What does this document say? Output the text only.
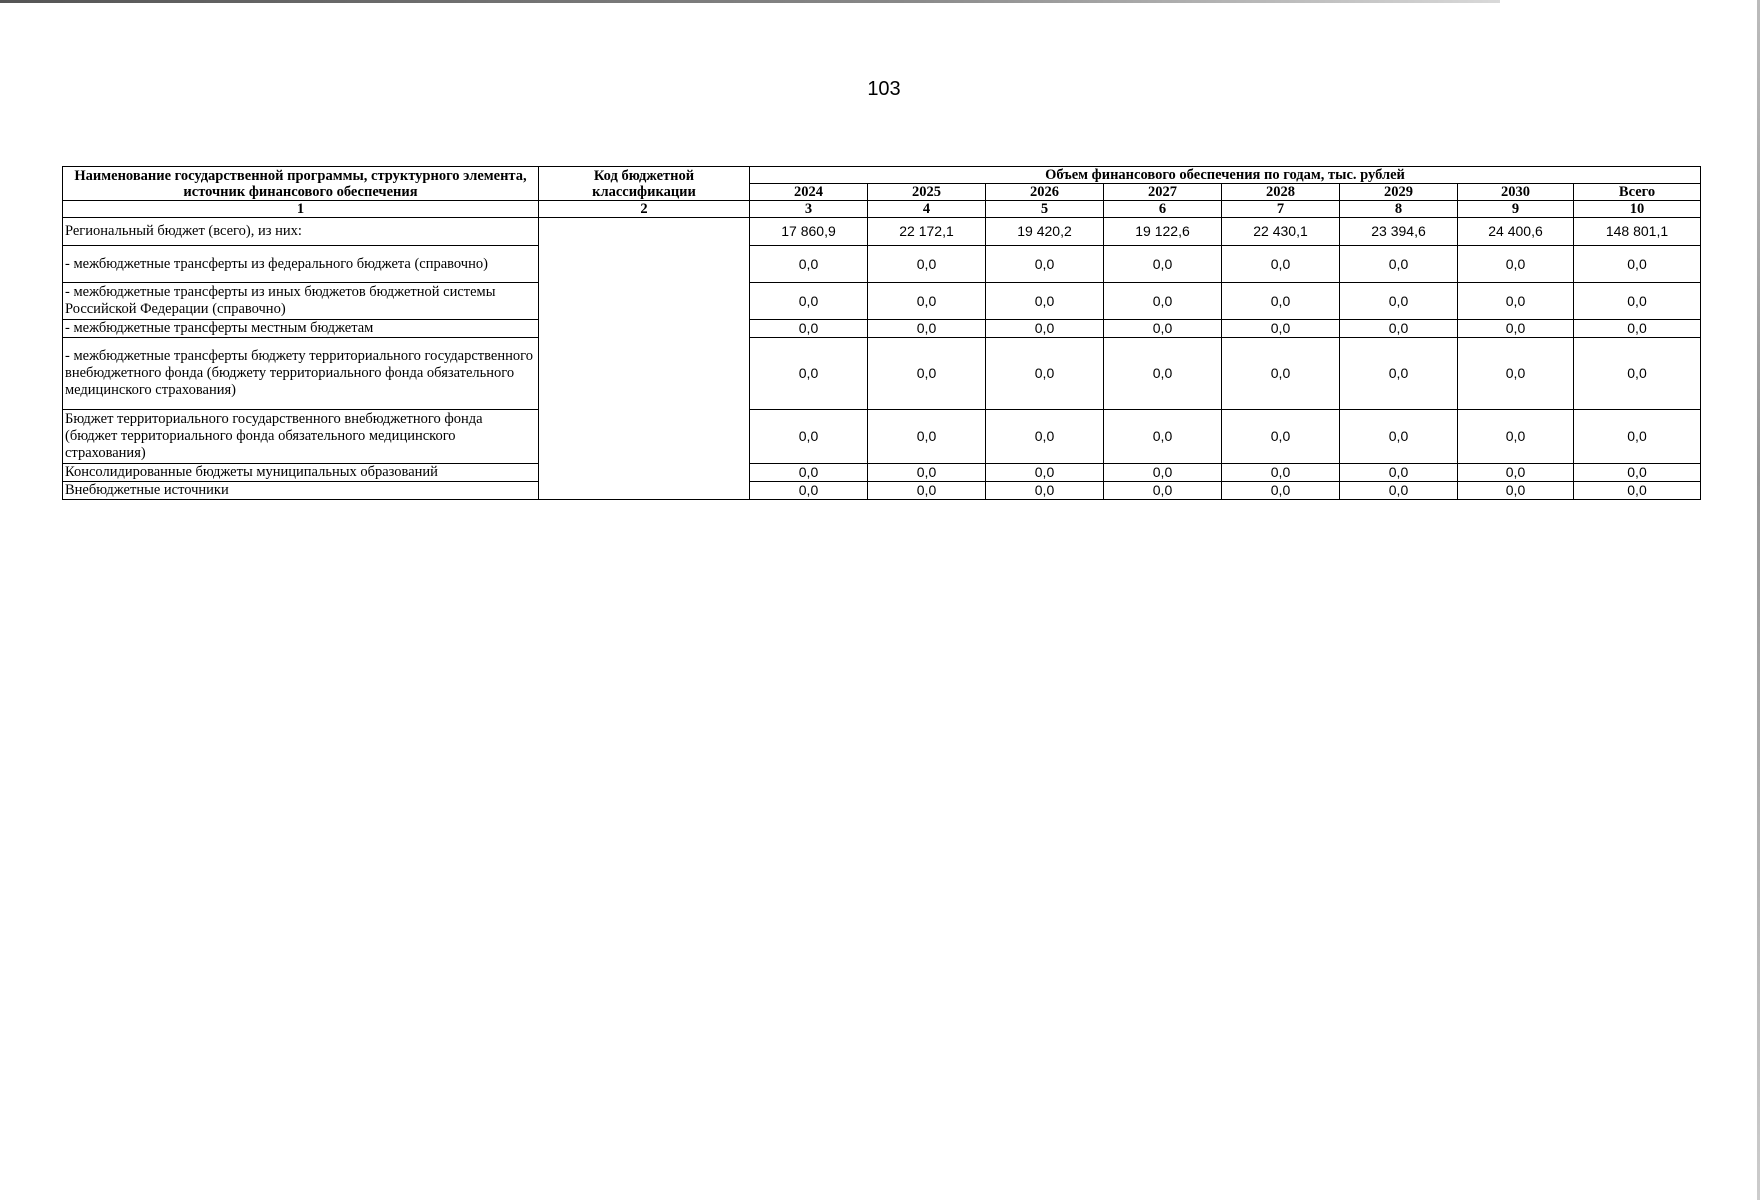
103
Наименование государственной программы, структурного элемента, источник финансового обеспечения	Код бюджетной классификации	Объем финансового обеспечения по годам, тыс. рублей							
		2024	2025	2026	2027	2028	2029	2030	Всего
1	2	3	4	5	6	7	8	9	10
Региональный бюджет (всего), из них:		17 860,9	22 172,1	19 420,2	19 122,6	22 430,1	23 394,6	24 400,6	148 801,1
- межбюджетные трансферты из федерального бюджета (справочно)		0,0	0,0	0,0	0,0	0,0	0,0	0,0	0,0
- межбюджетные трансферты из иных бюджетов бюджетной системы Российской Федерации (справочно)		0,0	0,0	0,0	0,0	0,0	0,0	0,0	0,0
- межбюджетные трансферты местным бюджетам		0,0	0,0	0,0	0,0	0,0	0,0	0,0	0,0
- межбюджетные трансферты бюджету территориального государственного внебюджетного фонда (бюджету территориального фонда обязательного медицинского страхования)		0,0	0,0	0,0	0,0	0,0	0,0	0,0	0,0
Бюджет территориального государственного внебюджетного фонда (бюджет территориального фонда обязательного медицинского страхования)		0,0	0,0	0,0	0,0	0,0	0,0	0,0	0,0
Консолидированные бюджеты муниципальных образований		0,0	0,0	0,0	0,0	0,0	0,0	0,0	0,0
Внебюджетные источники		0,0	0,0	0,0	0,0	0,0	0,0	0,0	0,0
